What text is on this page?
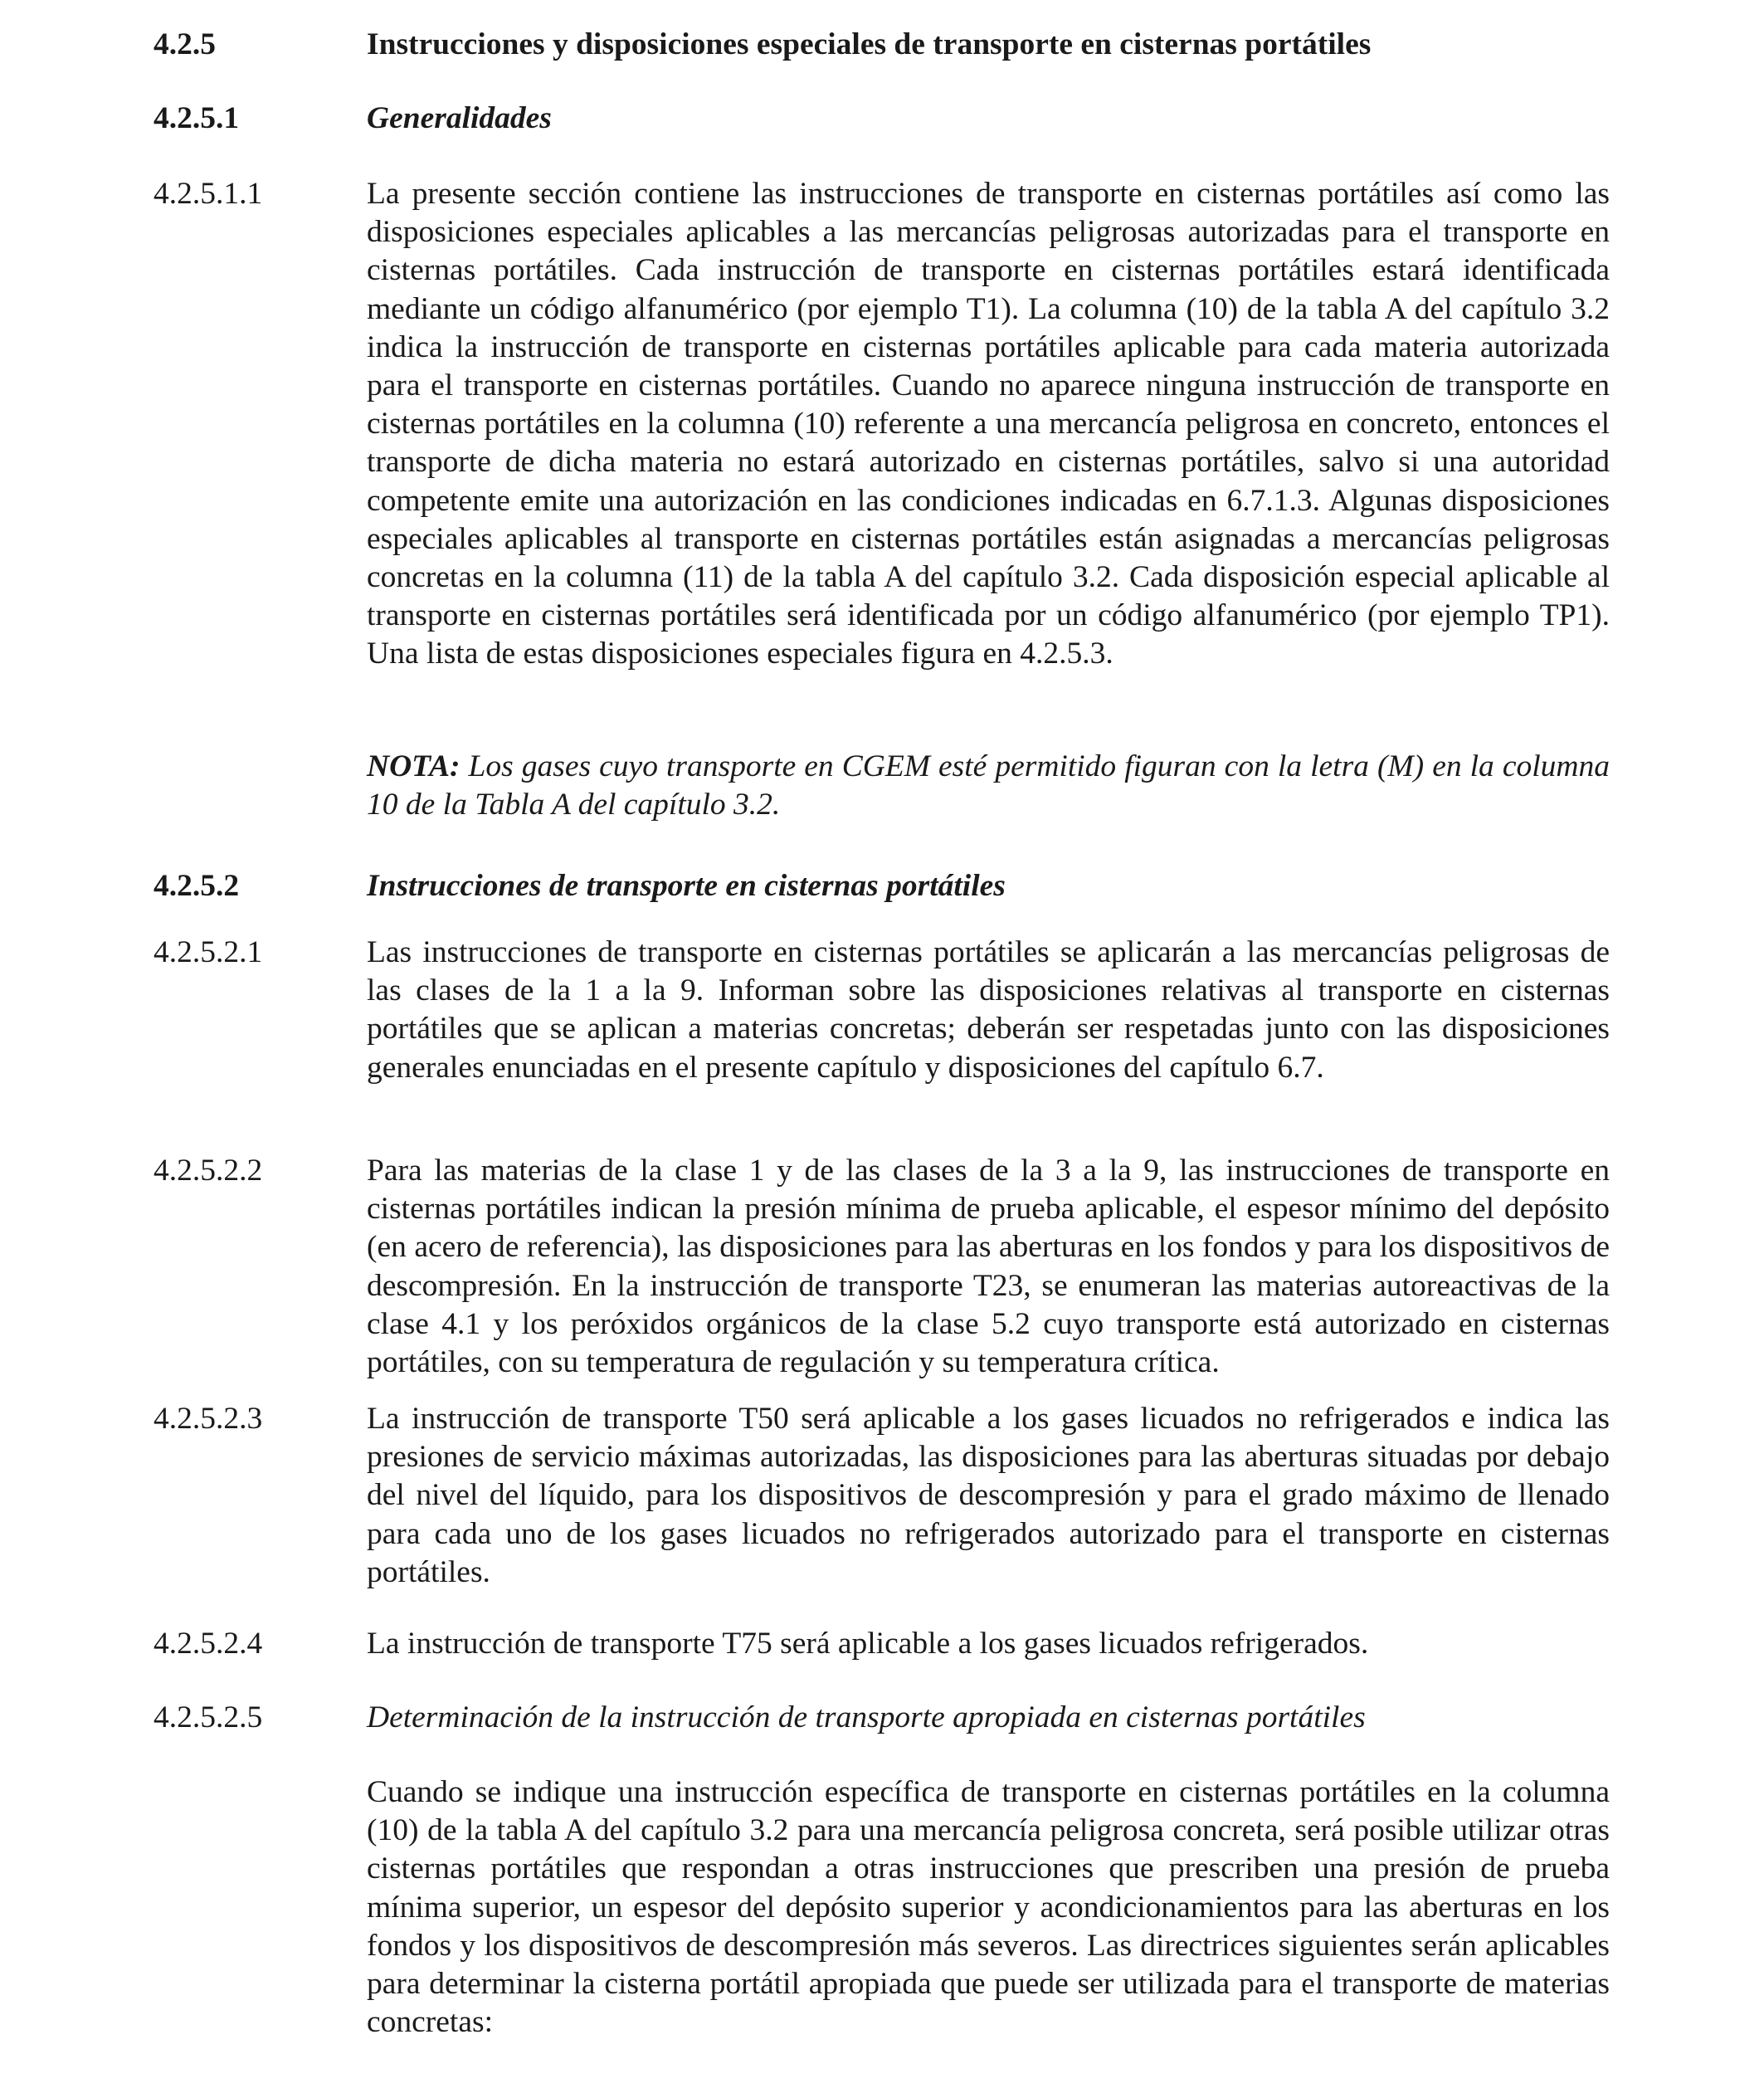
4.2.5	Instrucciones y disposiciones especiales de transporte en cisternas portátiles
4.2.5.1	Generalidades
4.2.5.1.1	La presente sección contiene las instrucciones de transporte en cisternas portátiles así como las disposiciones especiales aplicables a las mercancías peligrosas autorizadas para el transporte en cisternas portátiles. Cada instrucción de transporte en cisternas portátiles estará identificada mediante un código alfanumérico (por ejemplo T1). La columna (10) de la tabla A del capítulo 3.2 indica la instrucción de transporte en cisternas portátiles aplicable para cada materia autorizada para el transporte en cisternas portátiles. Cuando no aparece ninguna instrucción de transporte en cisternas portátiles en la columna (10) referente a una mercancía peligrosa en concreto, entonces el transporte de dicha materia no estará autorizado en cisternas portátiles, salvo si una autoridad competente emite una autorización en las condiciones indicadas en 6.7.1.3. Algunas disposiciones especiales aplicables al transporte en cisternas portátiles están asignadas a mercancías peligrosas concretas en la columna (11) de la tabla A del capítulo 3.2. Cada disposición especial aplicable al transporte en cisternas portátiles será identificada por un código alfanumérico (por ejemplo TP1). Una lista de estas disposiciones especiales figura en 4.2.5.3.
NOTA: Los gases cuyo transporte en CGEM esté permitido figuran con la letra (M) en la columna 10 de la Tabla A del capítulo 3.2.
4.2.5.2	Instrucciones de transporte en cisternas portátiles
4.2.5.2.1	Las instrucciones de transporte en cisternas portátiles se aplicarán a las mercancías peligrosas de las clases de la 1 a la 9. Informan sobre las disposiciones relativas al transporte en cisternas portátiles que se aplican a materias concretas; deberán ser respetadas junto con las disposiciones generales enunciadas en el presente capítulo y disposiciones del capítulo 6.7.
4.2.5.2.2	Para las materias de la clase 1 y de las clases de la 3 a la 9, las instrucciones de transporte en cisternas portátiles indican la presión mínima de prueba aplicable, el espesor mínimo del depósito (en acero de referencia), las disposiciones para las aberturas en los fondos y para los dispositivos de descompresión. En la instrucción de transporte T23, se enumeran las materias autoreactivas de la clase 4.1 y los peróxidos orgánicos de la clase 5.2 cuyo transporte está autorizado en cisternas portátiles, con su temperatura de regulación y su temperatura crítica.
4.2.5.2.3	La instrucción de transporte T50 será aplicable a los gases licuados no refrigerados e indica las presiones de servicio máximas autorizadas, las disposiciones para las aberturas situadas por debajo del nivel del líquido, para los dispositivos de descompresión y para el grado máximo de llenado para cada uno de los gases licuados no refrigerados autorizado para el transporte en cisternas portátiles.
4.2.5.2.4	La instrucción de transporte T75 será aplicable a los gases licuados refrigerados.
4.2.5.2.5	Determinación de la instrucción de transporte apropiada en cisternas portátiles
Cuando se indique una instrucción específica de transporte en cisternas portátiles en la columna (10) de la tabla A del capítulo 3.2 para una mercancía peligrosa concreta, será posible utilizar otras cisternas portátiles que respondan a otras instrucciones que prescriben una presión de prueba mínima superior, un espesor del depósito superior y acondicionamientos para las aberturas en los fondos y los dispositivos de descompresión más severos. Las directrices siguientes serán aplicables para determinar la cisterna portátil apropiada que puede ser utilizada para el transporte de materias concretas:
